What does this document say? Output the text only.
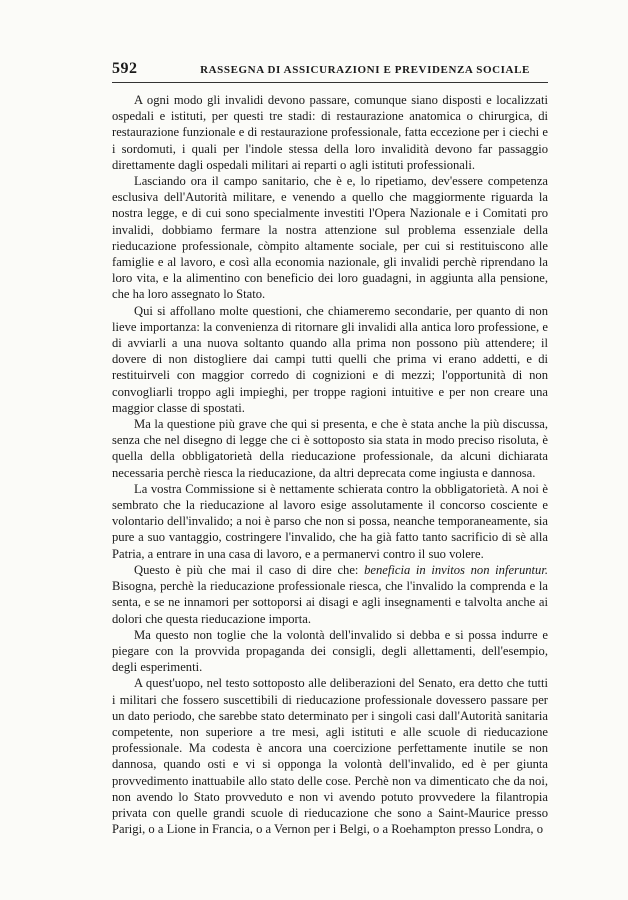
592	RASSEGNA DI ASSICURAZIONI E PREVIDENZA SOCIALE

A ogni modo gli invalidi devono passare, comunque siano disposti e localizzati ospedali e istituti, per questi tre stadi: di restaurazione anatomica o chirurgica, di restaurazione funzionale e di restaurazione professionale, fatta eccezione per i ciechi e i sordomuti, i quali per l'indole stessa della loro invalidità devono far passaggio direttamente dagli ospedali militari ai reparti o agli istituti professionali.

Lasciando ora il campo sanitario, che è e, lo ripetiamo, dev'essere competenza esclusiva dell'Autorità militare, e venendo a quello che maggiormente riguarda la nostra legge, e di cui sono specialmente investiti l'Opera Nazionale e i Comitati pro invalidi, dobbiamo fermare la nostra attenzione sul problema essenziale della rieducazione professionale, còmpito altamente sociale, per cui si restituiscono alle famiglie e al lavoro, e così alla economia nazionale, gli invalidi perchè riprendano la loro vita, e la alimentino con beneficio dei loro guadagni, in aggiunta alla pensione, che ha loro assegnato lo Stato.

Qui si affollano molte questioni, che chiameremo secondarie, per quanto di non lieve importanza: la convenienza di ritornare gli invalidi alla antica loro professione, e di avviarli a una nuova soltanto quando alla prima non possono più attendere; il dovere di non distogliere dai campi tutti quelli che prima vi erano addetti, e di restituirveli con maggior corredo di cognizioni e di mezzi; l'opportunità di non convogliarli troppo agli impieghi, per troppe ragioni intuitive e per non creare una maggior classe di spostati.

Ma la questione più grave che qui si presenta, e che è stata anche la più discussa, senza che nel disegno di legge che ci è sottoposto sia stata in modo preciso risoluta, è quella della obbligatorietà della rieducazione professionale, da alcuni dichiarata necessaria perchè riesca la rieducazione, da altri deprecata come ingiusta e dannosa.

La vostra Commissione si è nettamente schierata contro la obbligatorietà. A noi è sembrato che la rieducazione al lavoro esige assolutamente il concorso cosciente e volontario dell'invalido; a noi è parso che non si possa, neanche temporaneamente, sia pure a suo vantaggio, costringere l'invalido, che ha già fatto tanto sacrificio di sè alla Patria, a entrare in una casa di lavoro, e a permanervi contro il suo volere.

Questo è più che mai il caso di dire che: beneficia in invitos non inferuntur. Bisogna, perchè la rieducazione professionale riesca, che l'invalido la comprenda e la senta, e se ne innamori per sottoporsi ai disagi e agli insegnamenti e talvolta anche ai dolori che questa rieducazione importa.

Ma questo non toglie che la volontà dell'invalido si debba e si possa indurre e piegare con la provvida propaganda dei consigli, degli allettamenti, dell'esempio, degli esperimenti.

A quest'uopo, nel testo sottoposto alle deliberazioni del Senato, era detto che tutti i militari che fossero suscettibili di rieducazione professionale dovessero passare per un dato periodo, che sarebbe stato determinato per i singoli casi dall'Autorità sanitaria competente, non superiore a tre mesi, agli istituti e alle scuole di rieducazione professionale. Ma codesta è ancora una coercizione perfettamente inutile se non dannosa, quando osti e vi si opponga la volontà dell'invalido, ed è per giunta provvedimento inattuabile allo stato delle cose. Perchè non va dimenticato che da noi, non avendo lo Stato provveduto e non vi avendo potuto provvedere la filantropia privata con quelle grandi scuole di rieducazione che sono a Saint-Maurice presso Parigi, o a Lione in Francia, o a Vernon per i Belgi, o a Roehampton presso Londra, o
